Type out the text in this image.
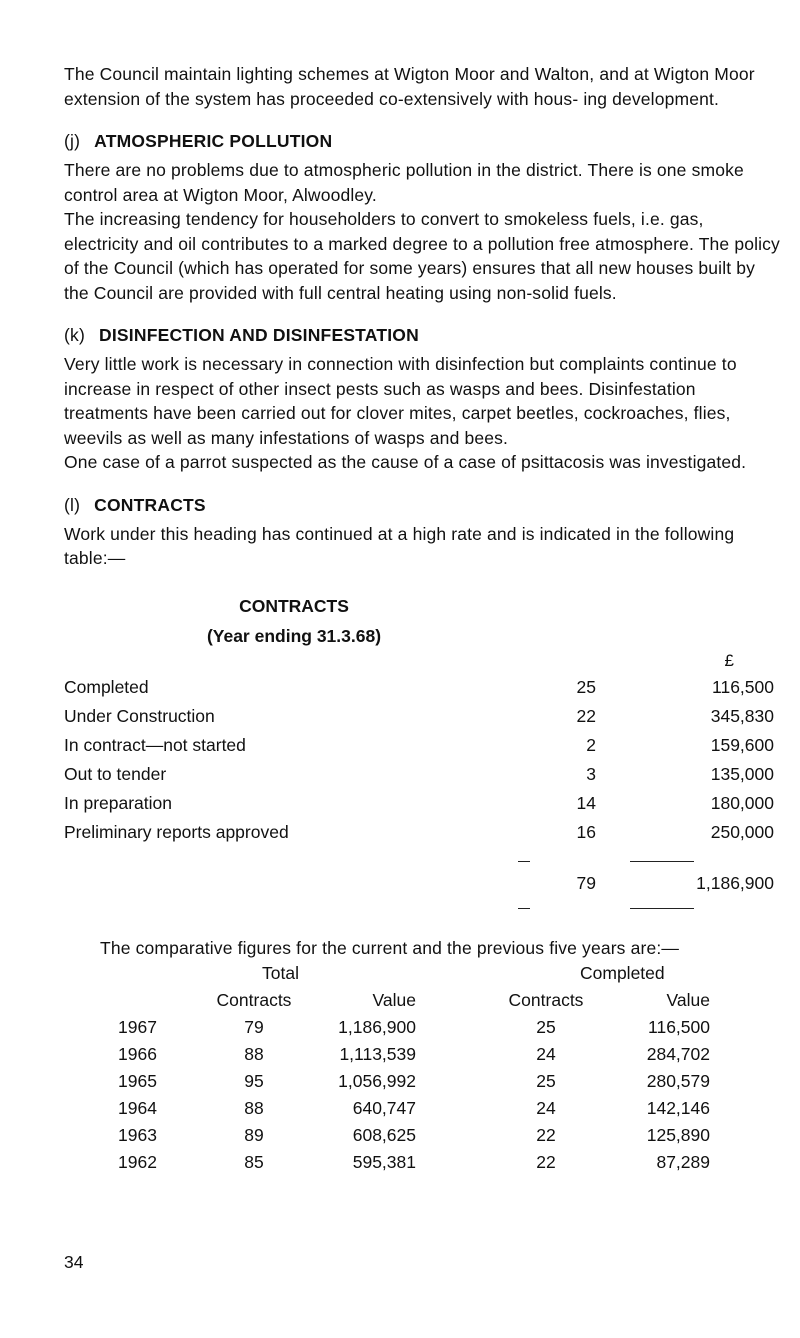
The Council maintain lighting schemes at Wigton Moor and Walton, and at Wigton Moor extension of the system has proceeded co-extensively with hous- ing development.

(j) ATMOSPHERIC POLLUTION

There are no problems due to atmospheric pollution in the district. There is one smoke control area at Wigton Moor, Alwoodley.

The increasing tendency for householders to convert to smokeless fuels, i.e. gas, electricity and oil contributes to a marked degree to a pollution free atmosphere. The policy of the Council (which has operated for some years) ensures that all new houses built by the Council are provided with full central heating using non-solid fuels.

(k) DISINFECTION AND DISINFESTATION

Very little work is necessary in connection with disinfection but complaints continue to increase in respect of other insect pests such as wasps and bees. Disinfestation treatments have been carried out for clover mites, carpet beetles, cockroaches, flies, weevils as well as many infestations of wasps and bees.

One case of a parrot suspected as the cause of a case of psittacosis was investigated.

(l) CONTRACTS

Work under this heading has continued at a high rate and is indicated in the following table:—

CONTRACTS
(Year ending 31.3.68)
£
Completed	25	116,500
Under Construction	22	345,830
In contract—not started	2	159,600
Out to tender	3	135,000
In preparation	14	180,000
Preliminary reports approved	16	250,000
79	1,186,900

The comparative figures for the current and the previous five years are:—

Total	Completed
Contracts	Value	Contracts	Value
1967	79	1,186,900	25	116,500
1966	88	1,113,539	24	284,702
1965	95	1,056,992	25	280,579
1964	88	640,747	24	142,146
1963	89	608,625	22	125,890
1962	85	595,381	22	87,289
34
